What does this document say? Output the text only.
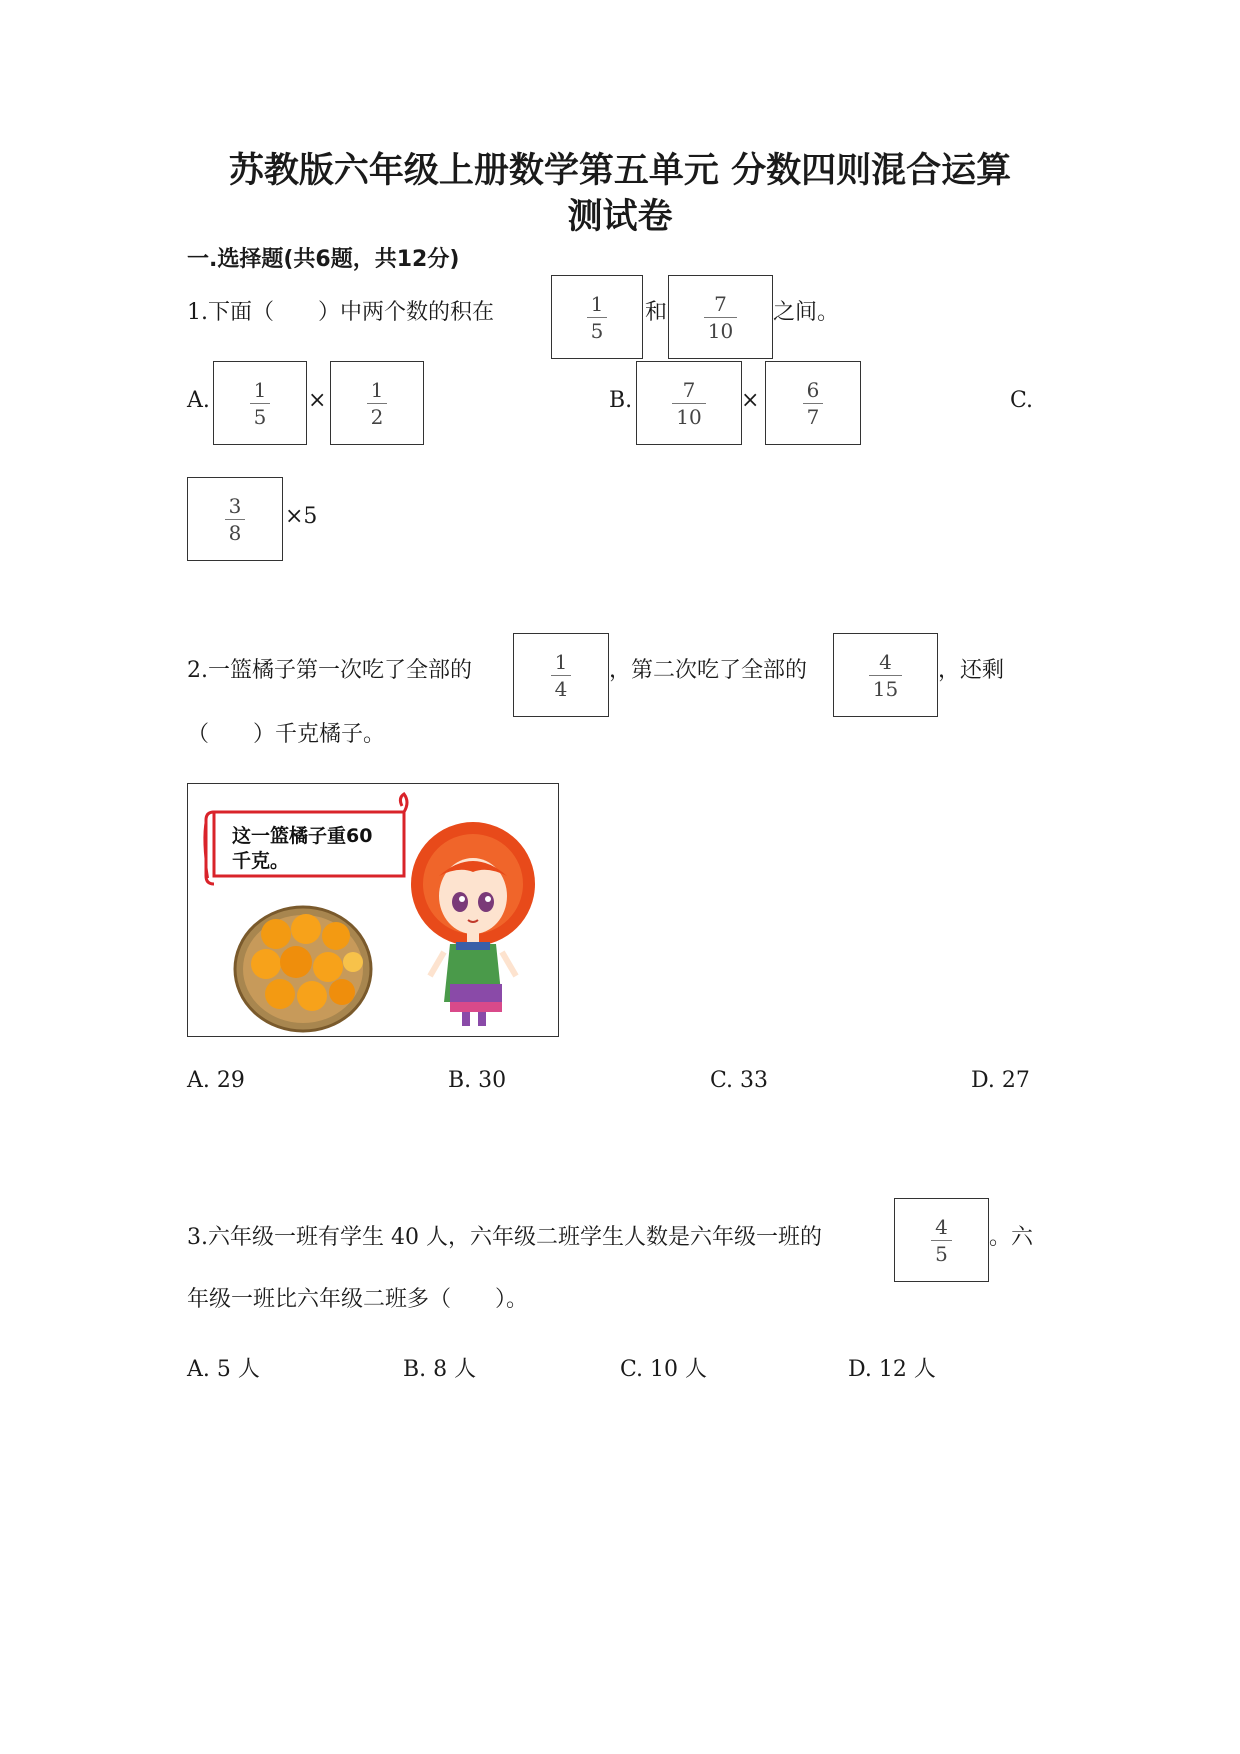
苏教版六年级上册数学第五单元 分数四则混合运算
测试卷
一.选择题(共6题，共12分)
1.下面（　　）中两个数的积在	$\frac{1}{5}$ 和 $\frac{7}{10}$ 之间。
A. $\frac{1}{5} \times \frac{1}{2}$	B. $\frac{7}{10} \times \frac{6}{7}$	C.
$\frac{3}{8} \times 5$
2.一篮橘子第一次吃了全部的	$\frac{1}{4}$ ，第二次吃了全部的	$\frac{4}{15}$ ，还剩
（　　）千克橘子。
这一篮橘子重60
千克。
A. 29	B. 30	C. 33	D. 27
3.六年级一班有学生 40 人，六年级二班学生人数是六年级一班的	$\frac{4}{5}$ 。六
年级一班比六年级二班多（　　）。
A. 5 人	B. 8 人	C. 10 人	D. 12 人
